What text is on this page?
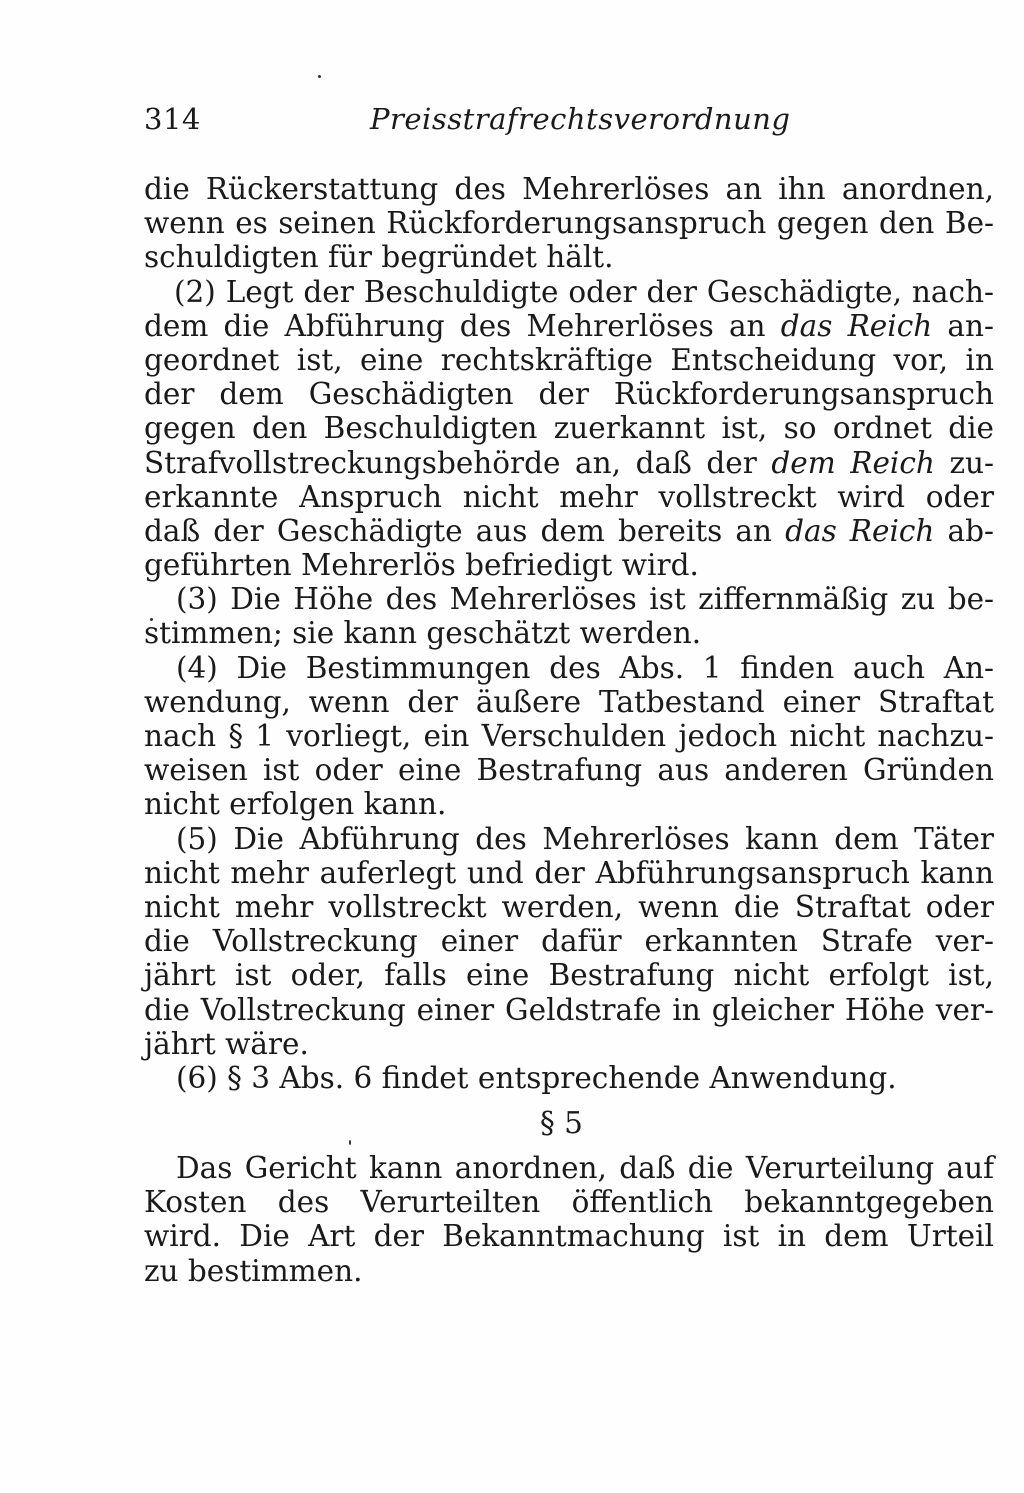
314	Preisstrafrechtsverordnung
die Rückerstattung des Mehrerlöses an ihn anordnen,
wenn es seinen Rückforderungsanspruch gegen den Be-
schuldigten für begründet hält.
(2) Legt der Beschuldigte oder der Geschädigte, nach-
dem die Abführung des Mehrerlöses an das Reich an-
geordnet ist, eine rechtskräftige Entscheidung vor, in
der dem Geschädigten der Rückforderungsanspruch
gegen den Beschuldigten zuerkannt ist, so ordnet die
Strafvollstreckungsbehörde an, daß der dem Reich zu-
erkannte Anspruch nicht mehr vollstreckt wird oder
daß der Geschädigte aus dem bereits an das Reich ab-
geführten Mehrerlös befriedigt wird.
(3) Die Höhe des Mehrerlöses ist ziffernmäßig zu be-
stimmen; sie kann geschätzt werden.
(4) Die Bestimmungen des Abs. 1 finden auch An-
wendung, wenn der äußere Tatbestand einer Straftat
nach § 1 vorliegt, ein Verschulden jedoch nicht nachzu-
weisen ist oder eine Bestrafung aus anderen Gründen
nicht erfolgen kann.
(5) Die Abführung des Mehrerlöses kann dem Täter
nicht mehr auferlegt und der Abführungsanspruch kann
nicht mehr vollstreckt werden, wenn die Straftat oder
die Vollstreckung einer dafür erkannten Strafe ver-
jährt ist oder, falls eine Bestrafung nicht erfolgt ist,
die Vollstreckung einer Geldstrafe in gleicher Höhe ver-
jährt wäre.
(6) § 3 Abs. 6 findet entsprechende Anwendung.
§ 5
Das Gericht kann anordnen, daß die Verurteilung auf
Kosten des Verurteilten öffentlich bekanntgegeben
wird. Die Art der Bekanntmachung ist in dem Urteil
zu bestimmen.
